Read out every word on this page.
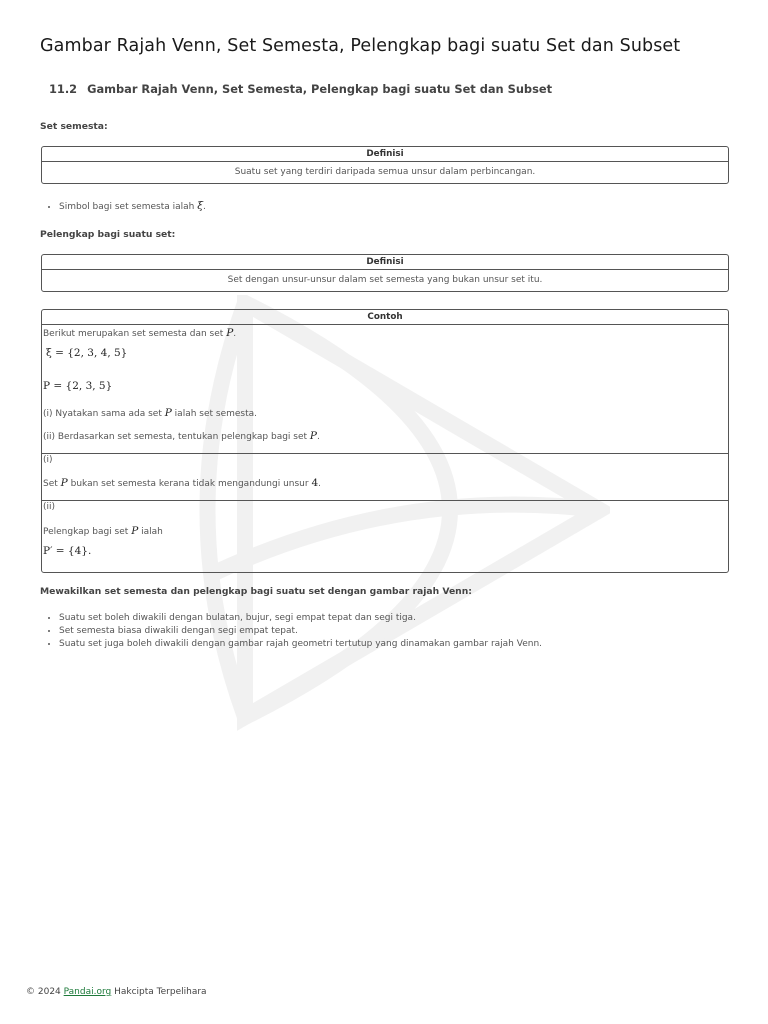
Gambar Rajah Venn, Set Semesta, Pelengkap bagi suatu Set dan Subset
11.2 Gambar Rajah Venn, Set Semesta, Pelengkap bagi suatu Set dan Subset
Set semesta:
Definisi
Suatu set yang terdiri daripada semua unsur dalam perbincangan.
• Simbol bagi set semesta ialah ξ.
Pelengkap bagi suatu set:
Definisi
Set dengan unsur-unsur dalam set semesta yang bukan unsur set itu.
Contoh
Berikut merupakan set semesta dan set P.
ξ = {2, 3, 4, 5}
P = {2, 3, 5}
(i) Nyatakan sama ada set P ialah set semesta.
(ii) Berdasarkan set semesta, tentukan pelengkap bagi set P.
(i)
Set P bukan set semesta kerana tidak mengandungi unsur 4.
(ii)
Pelengkap bagi set P ialah
P′ = {4}.
Mewakilkan set semesta dan pelengkap bagi suatu set dengan gambar rajah Venn:
• Suatu set boleh diwakili dengan bulatan, bujur, segi empat tepat dan segi tiga.
• Set semesta biasa diwakili dengan segi empat tepat.
• Suatu set juga boleh diwakili dengan gambar rajah geometri tertutup yang dinamakan gambar rajah Venn.
© 2024 Pandai.org Hakcipta Terpelihara
